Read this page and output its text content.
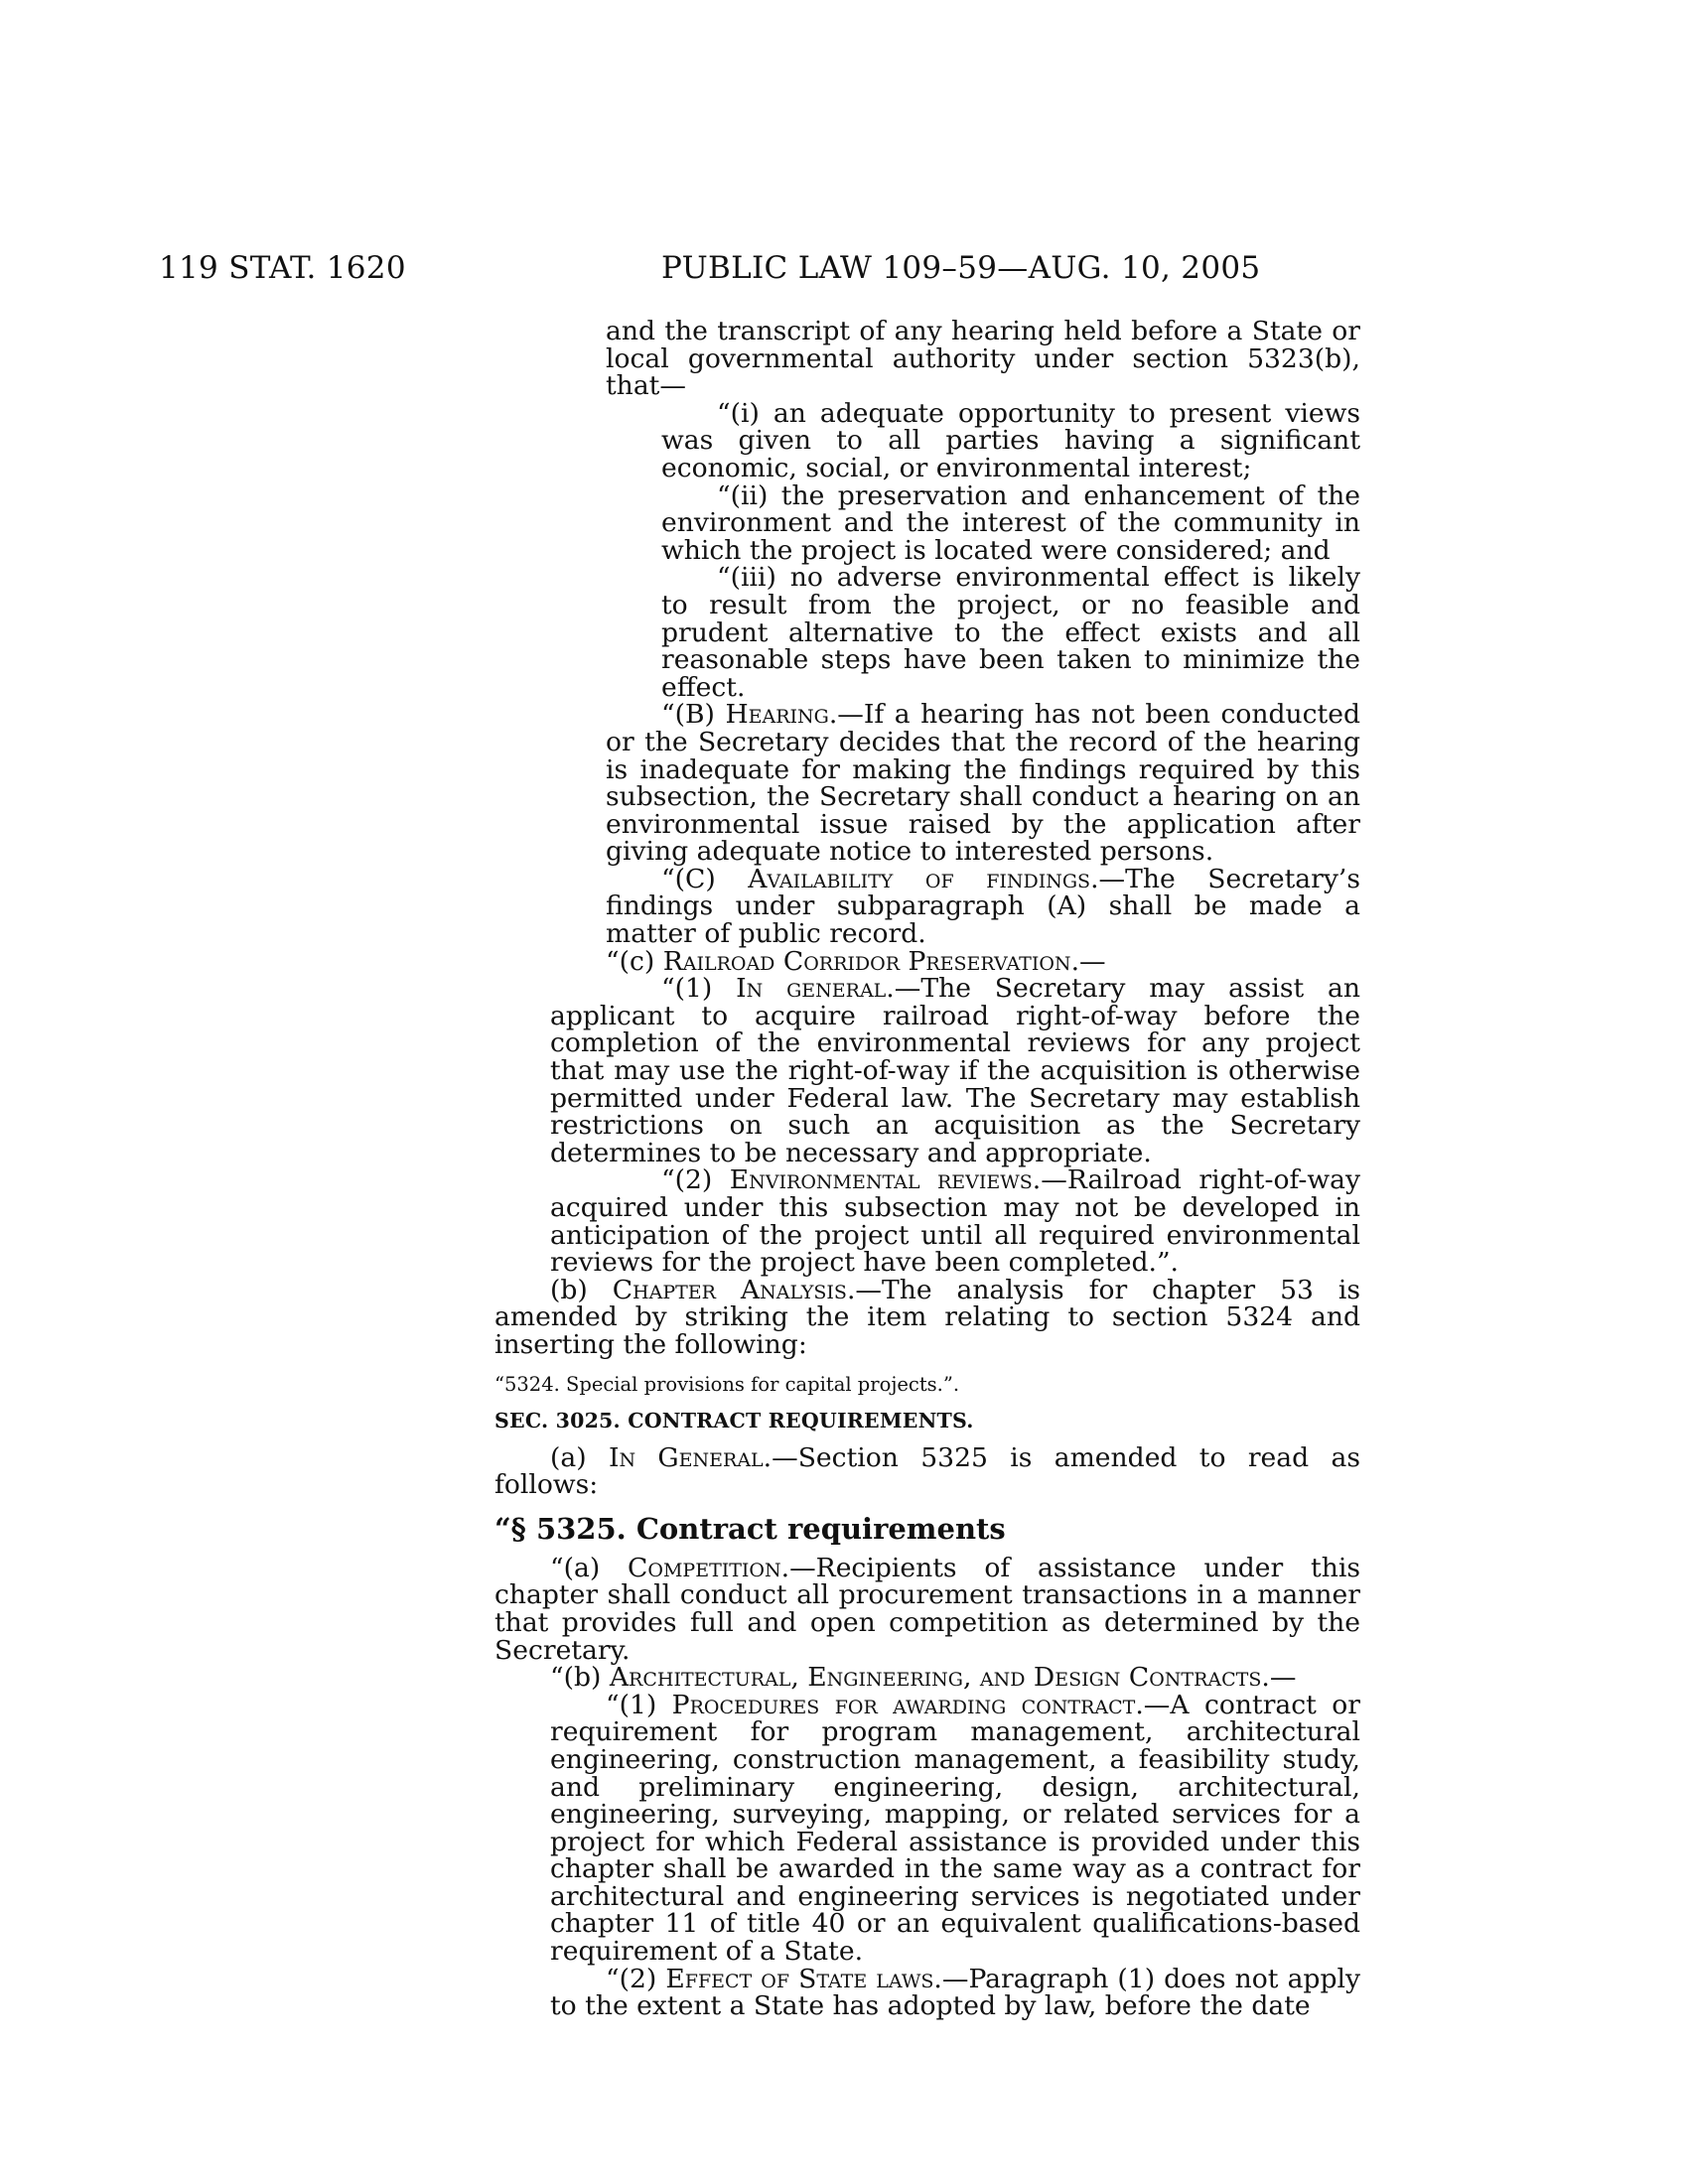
119 STAT. 1620	PUBLIC LAW 109–59—AUG. 10, 2005

and the transcript of any hearing held before a State or local governmental authority under section 5323(b), that—

“(i) an adequate opportunity to present views was given to all parties having a significant economic, social, or environmental interest;

“(ii) the preservation and enhancement of the environment and the interest of the community in which the project is located were considered; and

“(iii) no adverse environmental effect is likely to result from the project, or no feasible and prudent alternative to the effect exists and all reasonable steps have been taken to minimize the effect.

“(B) Hearing.—If a hearing has not been conducted or the Secretary decides that the record of the hearing is inadequate for making the findings required by this subsection, the Secretary shall conduct a hearing on an environmental issue raised by the application after giving adequate notice to interested persons.

“(C) Availability of findings.—The Secretary’s findings under subparagraph (A) shall be made a matter of public record.

“(c) Railroad Corridor Preservation.—

“(1) In general.—The Secretary may assist an applicant to acquire railroad right-of-way before the completion of the environmental reviews for any project that may use the right-of-way if the acquisition is otherwise permitted under Federal law. The Secretary may establish restrictions on such an acquisition as the Secretary determines to be necessary and appropriate.

“(2) Environmental reviews.—Railroad right-of-way acquired under this subsection may not be developed in anticipation of the project until all required environmental reviews for the project have been completed.”.

(b) Chapter Analysis.—The analysis for chapter 53 is amended by striking the item relating to section 5324 and inserting the following:

“5324. Special provisions for capital projects.”.

SEC. 3025. CONTRACT REQUIREMENTS.

(a) In General.—Section 5325 is amended to read as follows:

“§ 5325. Contract requirements

“(a) Competition.—Recipients of assistance under this chapter shall conduct all procurement transactions in a manner that provides full and open competition as determined by the Secretary.

“(b) Architectural, Engineering, and Design Contracts.—

“(1) Procedures for awarding contract.—A contract or requirement for program management, architectural engineering, construction management, a feasibility study, and preliminary engineering, design, architectural, engineering, surveying, mapping, or related services for a project for which Federal assistance is provided under this chapter shall be awarded in the same way as a contract for architectural and engineering services is negotiated under chapter 11 of title 40 or an equivalent qualifications-based requirement of a State.

“(2) Effect of State laws.—Paragraph (1) does not apply to the extent a State has adopted by law, before the date
